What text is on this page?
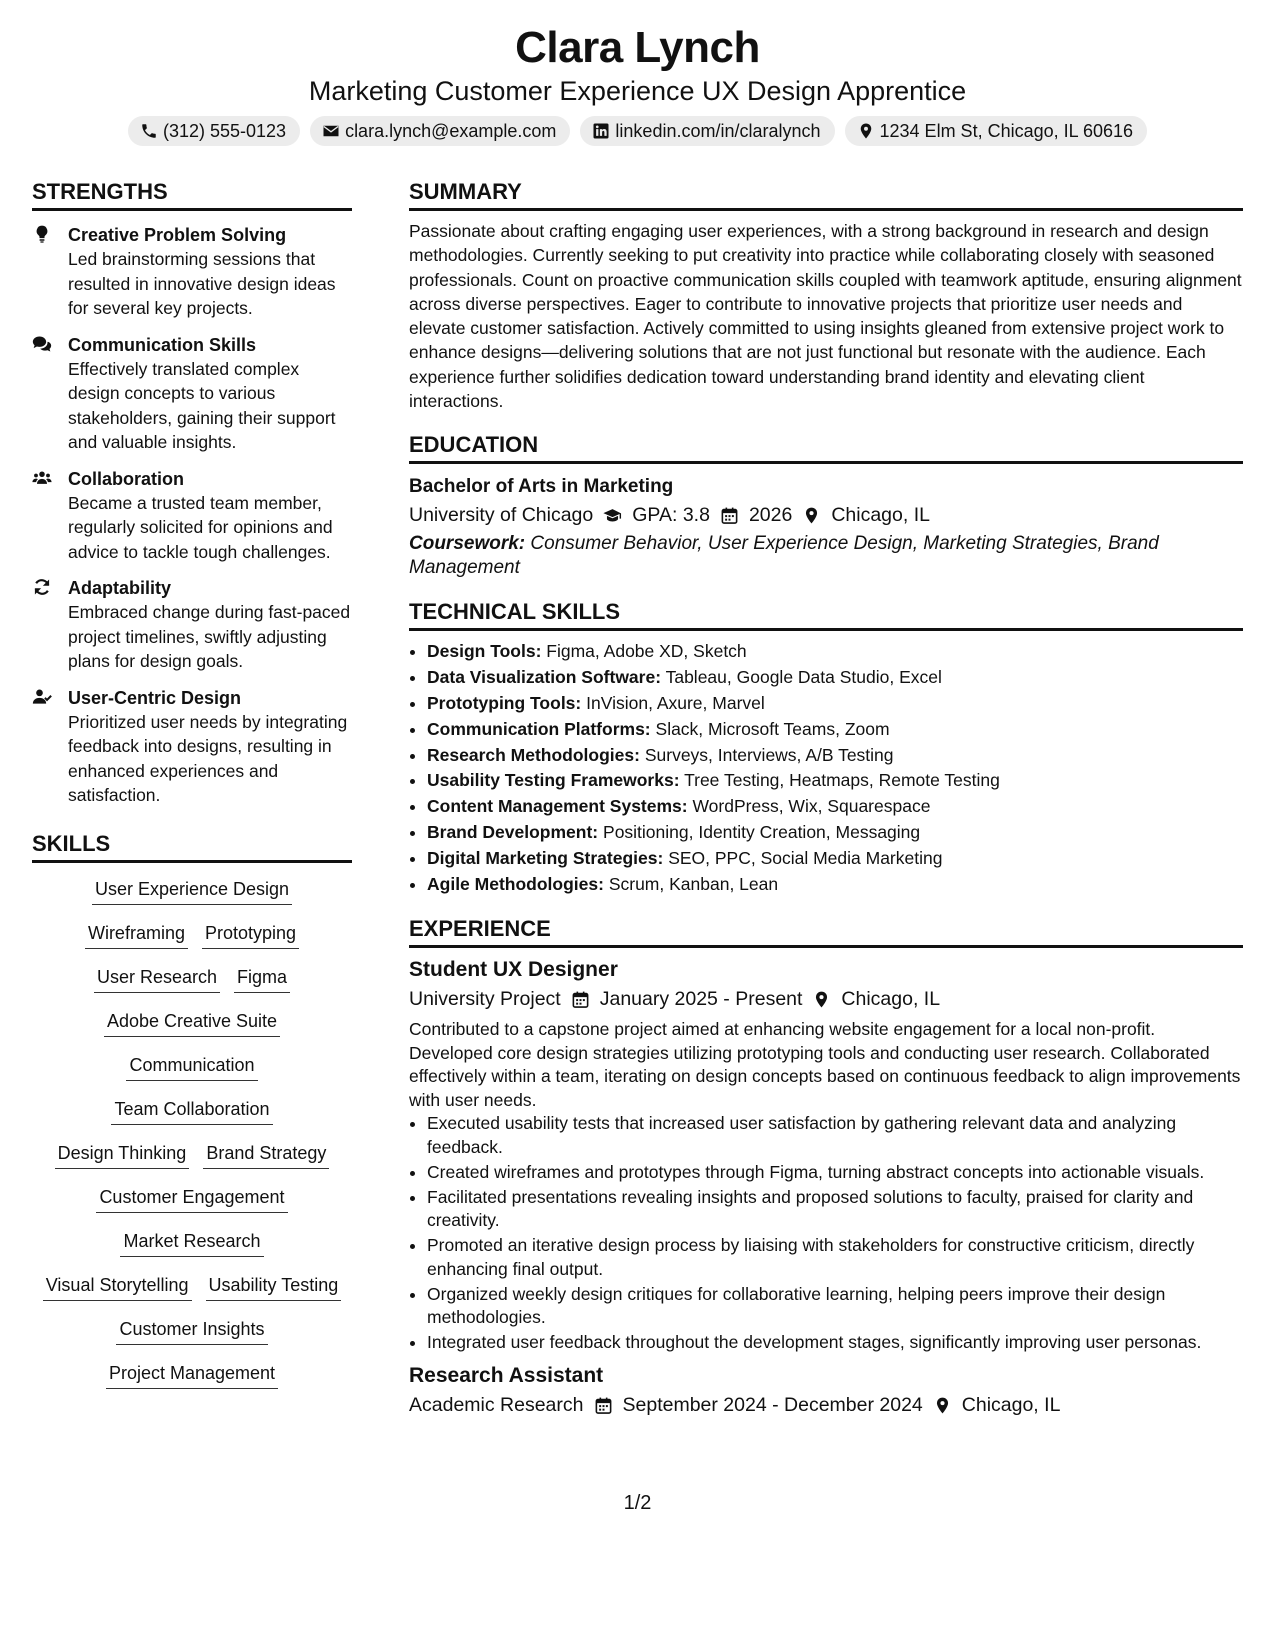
Clara Lynch
Marketing Customer Experience UX Design Apprentice
(312) 555-0123	clara.lynch@example.com	linkedin.com/in/claralynch	1234 Elm St, Chicago, IL 60616
STRENGTHS
Creative Problem Solving
Led brainstorming sessions that resulted in innovative design ideas for several key projects.
Communication Skills
Effectively translated complex design concepts to various stakeholders, gaining their support and valuable insights.
Collaboration
Became a trusted team member, regularly solicited for opinions and advice to tackle tough challenges.
Adaptability
Embraced change during fast-paced project timelines, swiftly adjusting plans for design goals.
User-Centric Design
Prioritized user needs by integrating feedback into designs, resulting in enhanced experiences and satisfaction.
SKILLS
User Experience Design
Wireframing Prototyping
User Research Figma
Adobe Creative Suite
Communication
Team Collaboration
Design Thinking Brand Strategy
Customer Engagement
Market Research
Visual Storytelling Usability Testing
Customer Insights
Project Management
SUMMARY

Passionate about crafting engaging user experiences, with a strong background in research and design methodologies. Currently seeking to put creativity into practice while collaborating closely with seasoned professionals. Count on proactive communication skills coupled with teamwork aptitude, ensuring alignment across diverse perspectives. Eager to contribute to innovative projects that prioritize user needs and elevate customer satisfaction. Actively committed to using insights gleaned from extensive project work to enhance designs—delivering solutions that are not just functional but resonate with the audience. Each experience further solidifies dedication toward understanding brand identity and elevating client interactions.

EDUCATION
Bachelor of Arts in Marketing
University of Chicago GPA: 3.8 2026 Chicago, IL
Coursework: Consumer Behavior, User Experience Design, Marketing Strategies, Brand Management
TECHNICAL SKILLS
• Design Tools: Figma, Adobe XD, Sketch
• Data Visualization Software: Tableau, Google Data Studio, Excel
• Prototyping Tools: InVision, Axure, Marvel
• Communication Platforms: Slack, Microsoft Teams, Zoom
• Research Methodologies: Surveys, Interviews, A/B Testing
• Usability Testing Frameworks: Tree Testing, Heatmaps, Remote Testing
• Content Management Systems: WordPress, Wix, Squarespace
• Brand Development: Positioning, Identity Creation, Messaging
• Digital Marketing Strategies: SEO, PPC, Social Media Marketing
• Agile Methodologies: Scrum, Kanban, Lean
EXPERIENCE
Student UX Designer
University Project January 2025 - Present Chicago, IL
Contributed to a capstone project aimed at enhancing website engagement for a local non-profit. Developed core design strategies utilizing prototyping tools and conducting user research. Collaborated effectively within a team, iterating on design concepts based on continuous feedback to align improvements with user needs.
• Executed usability tests that increased user satisfaction by gathering relevant data and analyzing feedback.
• Created wireframes and prototypes through Figma, turning abstract concepts into actionable visuals.
• Facilitated presentations revealing insights and proposed solutions to faculty, praised for clarity and creativity.
• Promoted an iterative design process by liaising with stakeholders for constructive criticism, directly enhancing final output.
• Organized weekly design critiques for collaborative learning, helping peers improve their design methodologies.
• Integrated user feedback throughout the development stages, significantly improving user personas.
Research Assistant
Academic Research September 2024 - December 2024 Chicago, IL
1/2
